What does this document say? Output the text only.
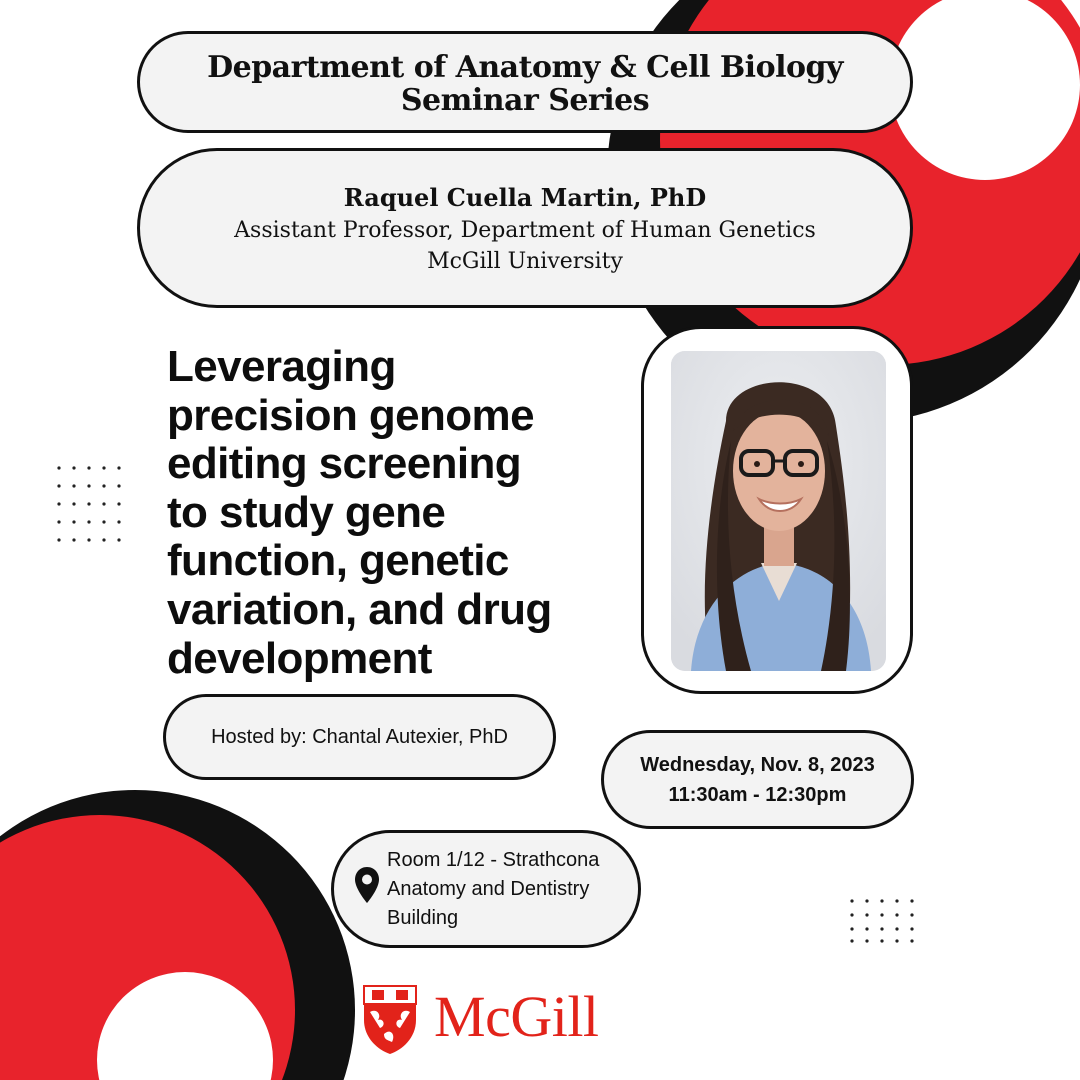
Department of Anatomy & Cell Biology
Seminar Series
Raquel Cuella Martin, PhD
Assistant Professor, Department of Human Genetics
McGill University
Leveraging
precision genome
editing screening
to study gene
function, genetic
variation, and drug
development
Hosted by: Chantal Autexier, PhD
Wednesday, Nov. 8, 2023
11:30am - 12:30pm
Room 1/12 - Strathcona
Anatomy and Dentistry
Building
McGill
